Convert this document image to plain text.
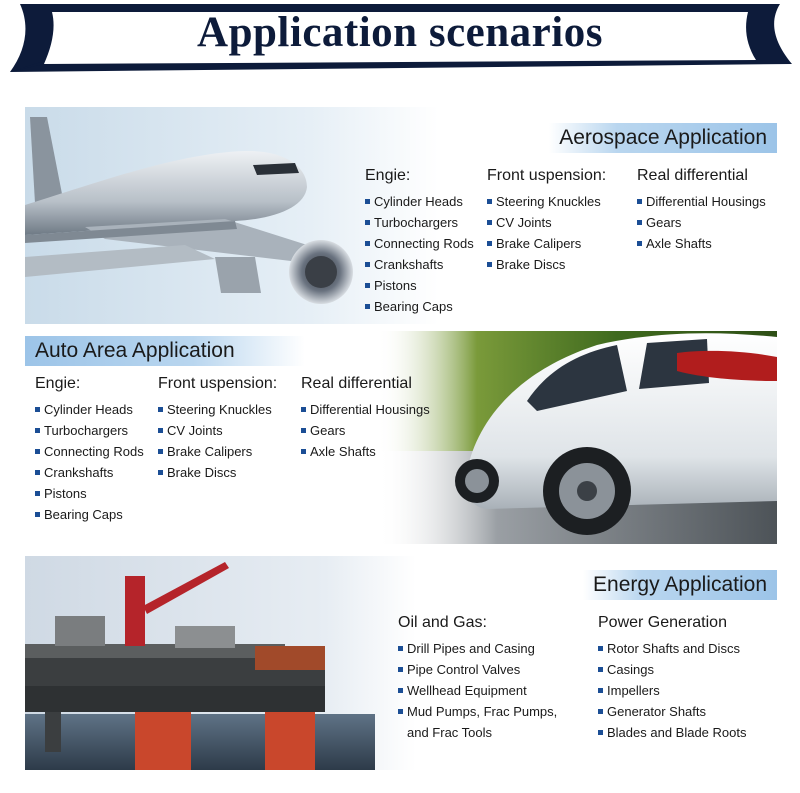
Application scenarios
Aerospace Application
Engie:
Cylinder Heads
Turbochargers
Connecting Rods
Crankshafts
Pistons
Bearing Caps
Front uspension:
Steering Knuckles
CV Joints
Brake Calipers
Brake Discs
Real differential
Differential Housings
Gears
Axle Shafts
Auto Area Application
Engie:
Cylinder Heads
Turbochargers
Connecting Rods
Crankshafts
Pistons
Bearing Caps
Front uspension:
Steering Knuckles
CV Joints
Brake Calipers
Brake Discs
Real differential
Differential Housings
Gears
Axle Shafts
Energy Application
Oil and Gas:
Drill Pipes and Casing
Pipe Control Valves
Wellhead Equipment
Mud Pumps, Frac Pumps,
and Frac Tools
Power Generation
Rotor Shafts and Discs
Casings
Impellers
Generator Shafts
Blades and Blade Roots
